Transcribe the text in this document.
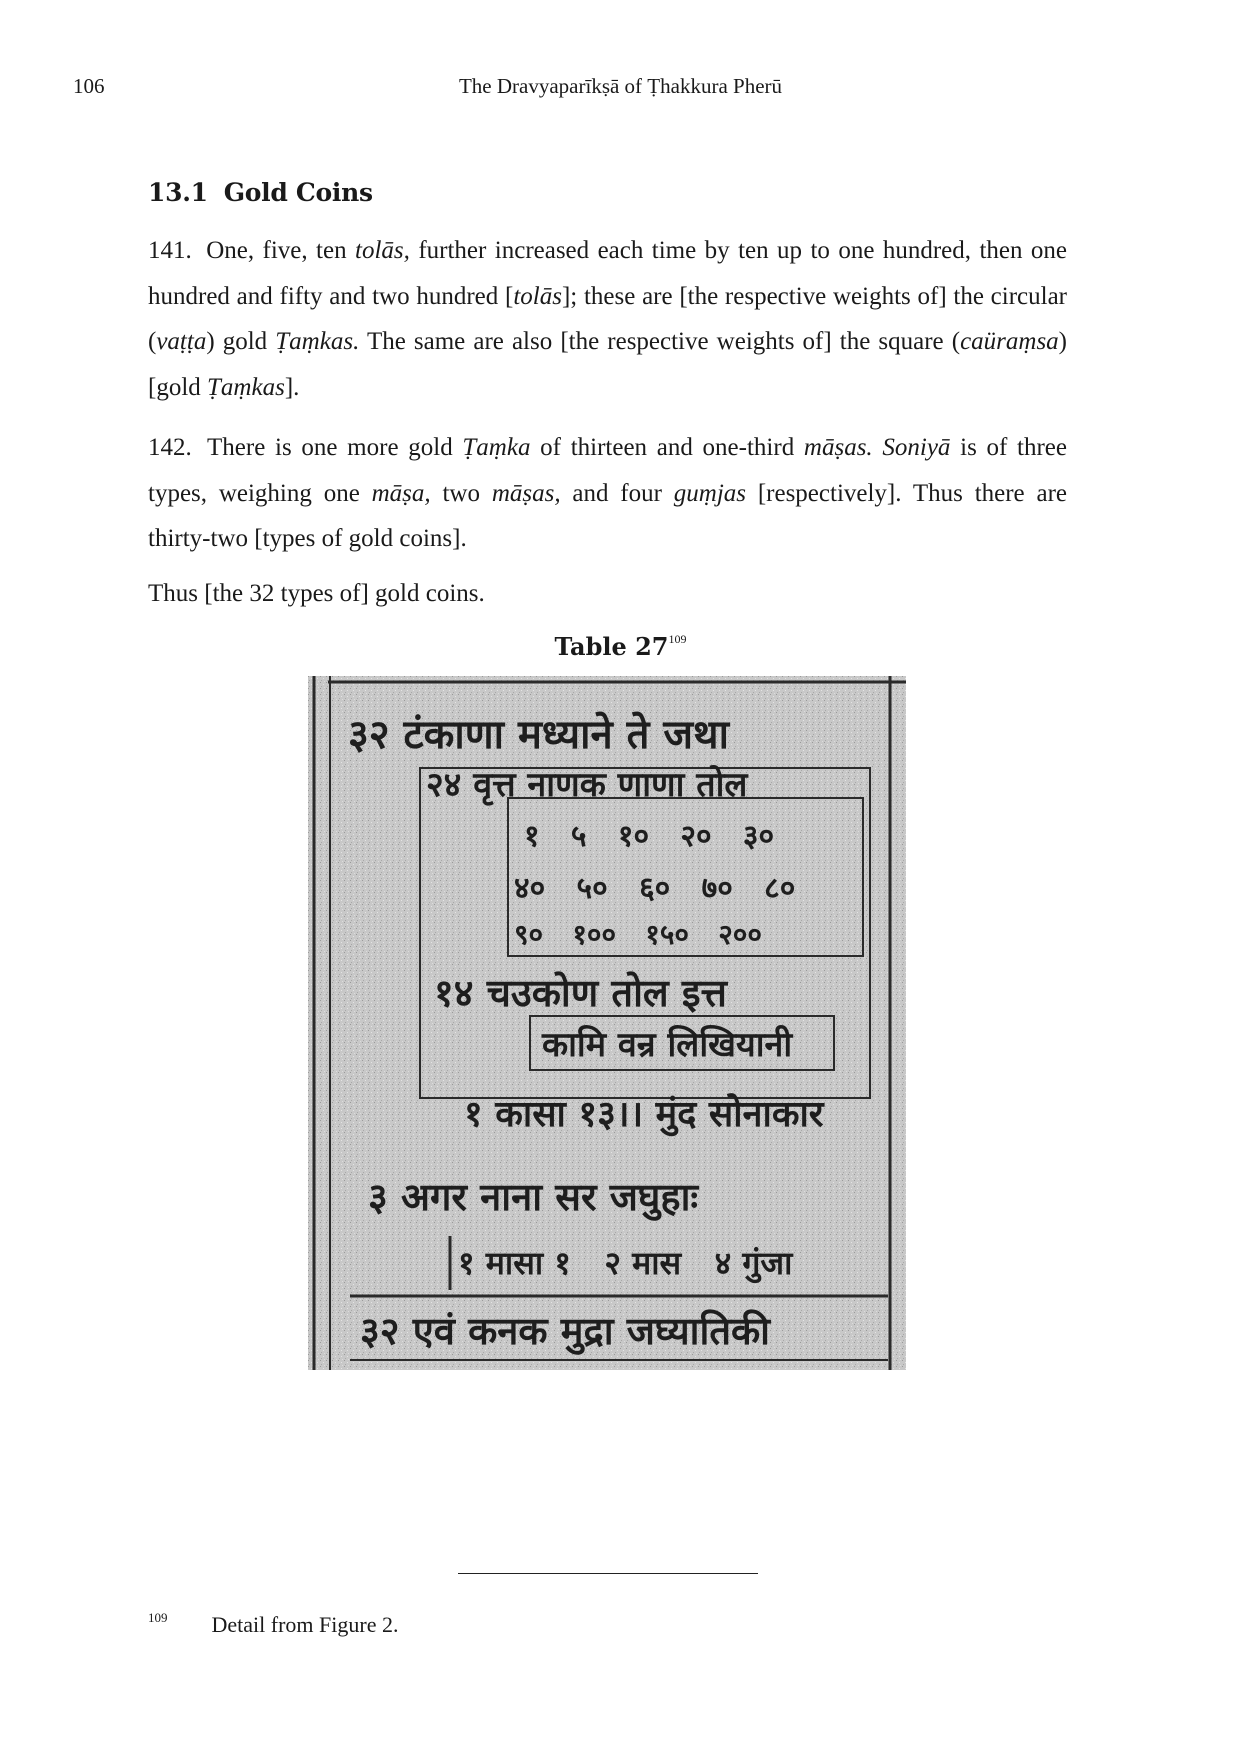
106	The Dravyaparīkṣā of Ṭhakkura Pherū
13.1 Gold Coins

141. One, five, ten tolās, further increased each time by ten up to one hundred, then one hundred and fifty and two hundred [tolās]; these are [the respective weights of] the circular (vaṭṭa) gold Ṭaṃkas. The same are also [the respective weights of] the square (caüraṃsa) [gold Ṭaṃkas].

142. There is one more gold Ṭaṃka of thirteen and one-third māṣas. Soniyā is of three types, weighing one māṣa, two māṣas, and four guṃjas [respectively]. Thus there are thirty-two [types of gold coins].

Thus [the 32 types of] gold coins.

Table $27^{109}$
३२ टंकाणा मध्याने ते जथा
२४ वृत्त नाणक णाणा तोल
१   ५   १०   २०   ३०
४०   ५०   ६०   ७०   ८०
९०   १००   १५०   २००
१४ चउकोण तोल इत्त
कामि वन्र लिखियानी
१ कासा १३।। मुंद सोनाकार
३ अगर नाना सर जघुहाः
१ मासा १   २ मास   ४ गुंजा
३२ एवं कनक मुद्रा जघ्यातिकी
$^{109}$ Detail from Figure 2.
